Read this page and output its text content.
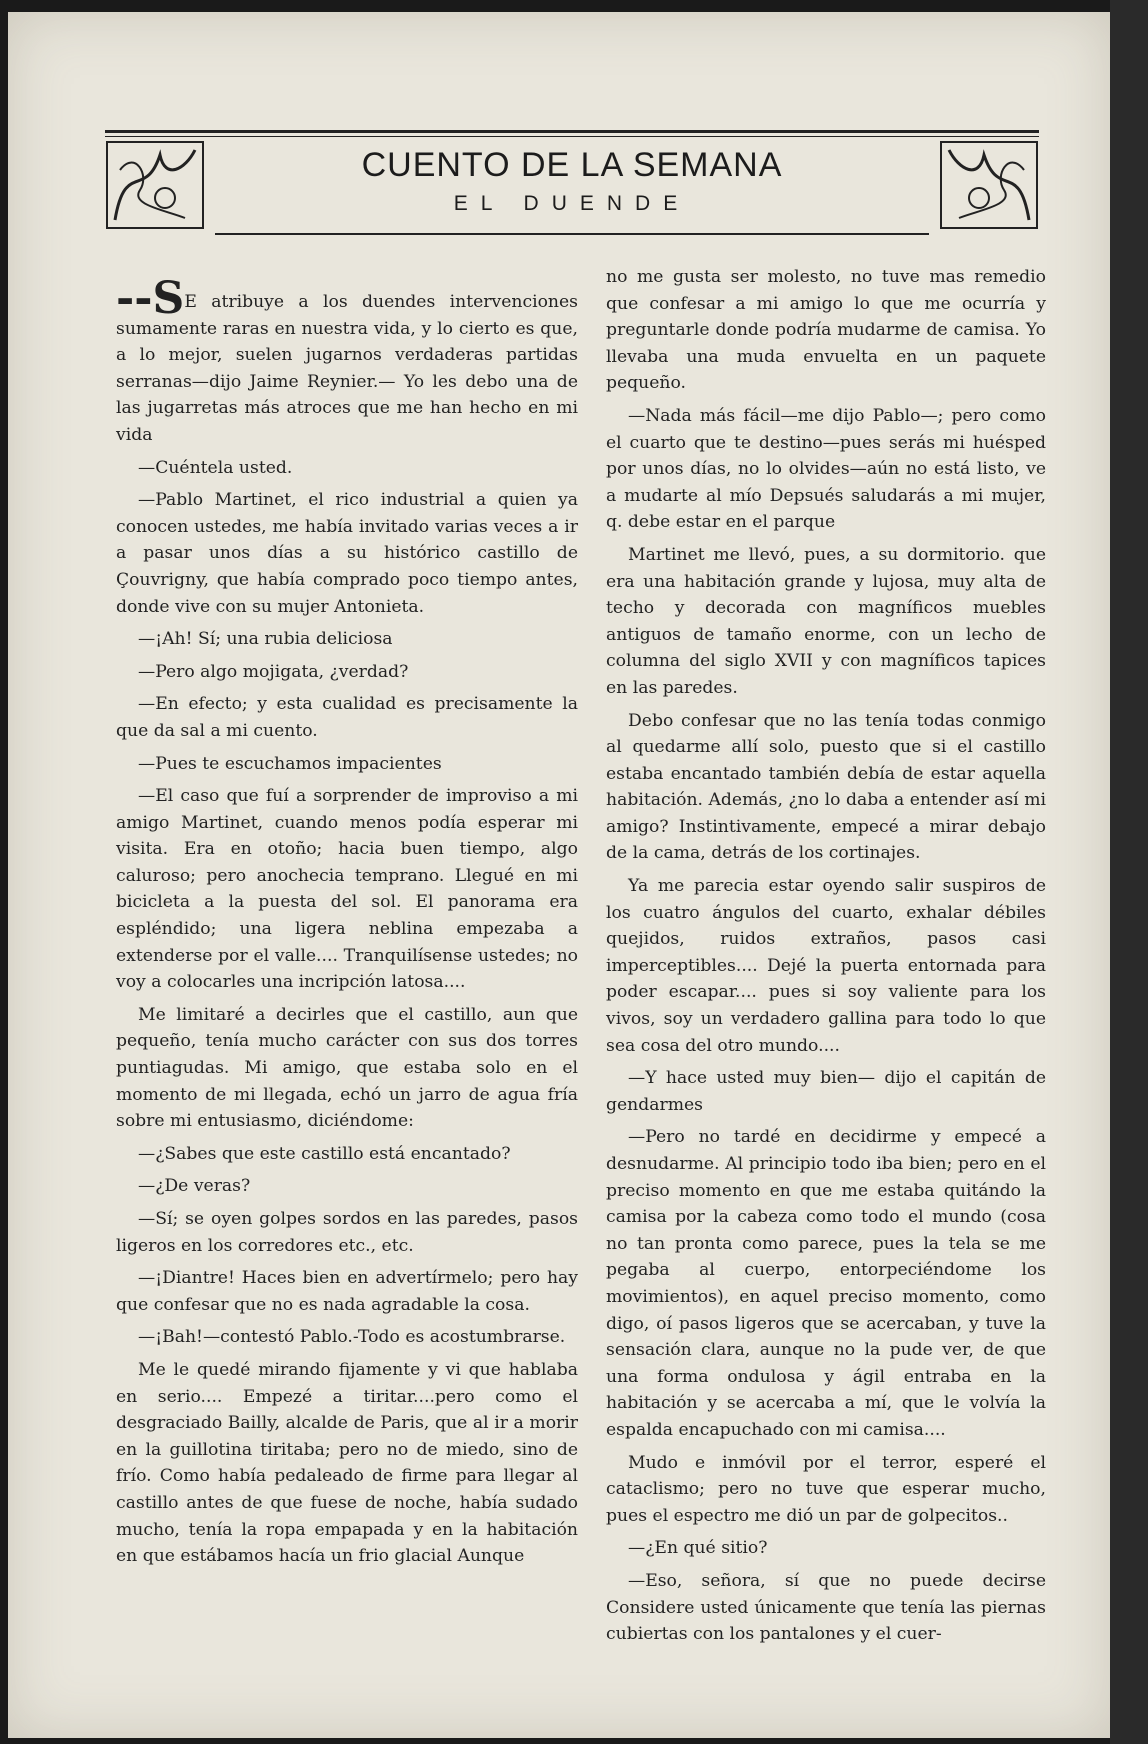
CUENTO DE LA SEMANA
EL DUENDE

--SE atribuye a los duendes intervenciones sumamente raras en nuestra vida, y lo cierto es que, a lo mejor, suelen jugarnos verdaderas partidas serranas—dijo Jaime Reynier.— Yo les debo una de las jugarretas más atroces que me han hecho en mi vida

—Cuéntela usted.

—Pablo Martinet, el rico industrial a quien ya conocen ustedes, me había invitado varias veces a ir a pasar unos días a su histórico castillo de Çouvrigny, que había comprado poco tiempo antes, donde vive con su mujer Antonieta.

—¡Ah! Sí; una rubia deliciosa

—Pero algo mojigata, ¿verdad?

—En efecto; y esta cualidad es precisamente la que da sal a mi cuento.

—Pues te escuchamos impacientes

—El caso que fuí a sorprender de improviso a mi amigo Martinet, cuando menos podía esperar mi visita. Era en otoño; hacia buen tiempo, algo caluroso; pero anochecia temprano. Llegué en mi bicicleta a la puesta del sol. El panorama era espléndido; una ligera neblina empezaba a extenderse por el valle.... Tranquilísense ustedes; no voy a colocarles una incripción latosa....

Me limitaré a decirles que el castillo, aun que pequeño, tenía mucho carácter con sus dos torres puntiagudas. Mi amigo, que estaba solo en el momento de mi llegada, echó un jarro de agua fría sobre mi entusiasmo, diciéndome:

—¿Sabes que este castillo está encantado?

—¿De veras?

—Sí; se oyen golpes sordos en las paredes, pasos ligeros en los corredores etc., etc.

—¡Diantre! Haces bien en advertírmelo; pero hay que confesar que no es nada agradable la cosa.

—¡Bah!—contestó Pablo.-Todo es acostumbrarse.

Me le quedé mirando fijamente y vi que hablaba en serio.... Empezé a tiritar....pero como el desgraciado Bailly, alcalde de Paris, que al ir a morir en la guillotina tiritaba; pero no de miedo, sino de frío. Como había pedaleado de firme para llegar al castillo antes de que fuese de noche, había sudado mucho, tenía la ropa empapada y en la habitación en que estábamos hacía un frio glacial Aunque

no me gusta ser molesto, no tuve mas remedio que confesar a mi amigo lo que me ocurría y preguntarle donde podría mudarme de camisa. Yo llevaba una muda envuelta en un paquete pequeño.

—Nada más fácil—me dijo Pablo—; pero como el cuarto que te destino—pues serás mi huésped por unos días, no lo olvides—aún no está listo, ve a mudarte al mío Depsués saludarás a mi mujer, q. debe estar en el parque

Martinet me llevó, pues, a su dormitorio. que era una habitación grande y lujosa, muy alta de techo y decorada con magníficos muebles antiguos de tamaño enorme, con un lecho de columna del siglo XVII y con magníficos tapices en las paredes.

Debo confesar que no las tenía todas conmigo al quedarme allí solo, puesto que si el castillo estaba encantado también debía de estar aquella habitación. Además, ¿no lo daba a entender así mi amigo? Instintivamente, empecé a mirar debajo de la cama, detrás de los cortinajes.

Ya me parecia estar oyendo salir suspiros de los cuatro ángulos del cuarto, exhalar débiles quejidos, ruidos extraños, pasos casi imperceptibles.... Dejé la puerta entornada para poder escapar.... pues si soy valiente para los vivos, soy un verdadero gallina para todo lo que sea cosa del otro mundo....

—Y hace usted muy bien— dijo el capitán de gendarmes

—Pero no tardé en decidirme y empecé a desnudarme. Al principio todo iba bien; pero en el preciso momento en que me estaba quitándo la camisa por la cabeza como todo el mundo (cosa no tan pronta como parece, pues la tela se me pegaba al cuerpo, entorpeciéndome los movimientos), en aquel preciso momento, como digo, oí pasos ligeros que se acercaban, y tuve la sensación clara, aunque no la pude ver, de que una forma ondulosa y ágil entraba en la habitación y se acercaba a mí, que le volvía la espalda encapuchado con mi camisa....

Mudo e inmóvil por el terror, esperé el cataclismo; pero no tuve que esperar mucho, pues el espectro me dió un par de golpecitos..

—¿En qué sitio?

—Eso, señora, sí que no puede decirse Considere usted únicamente que tenía las piernas cubiertas con los pantalones y el cuer-
